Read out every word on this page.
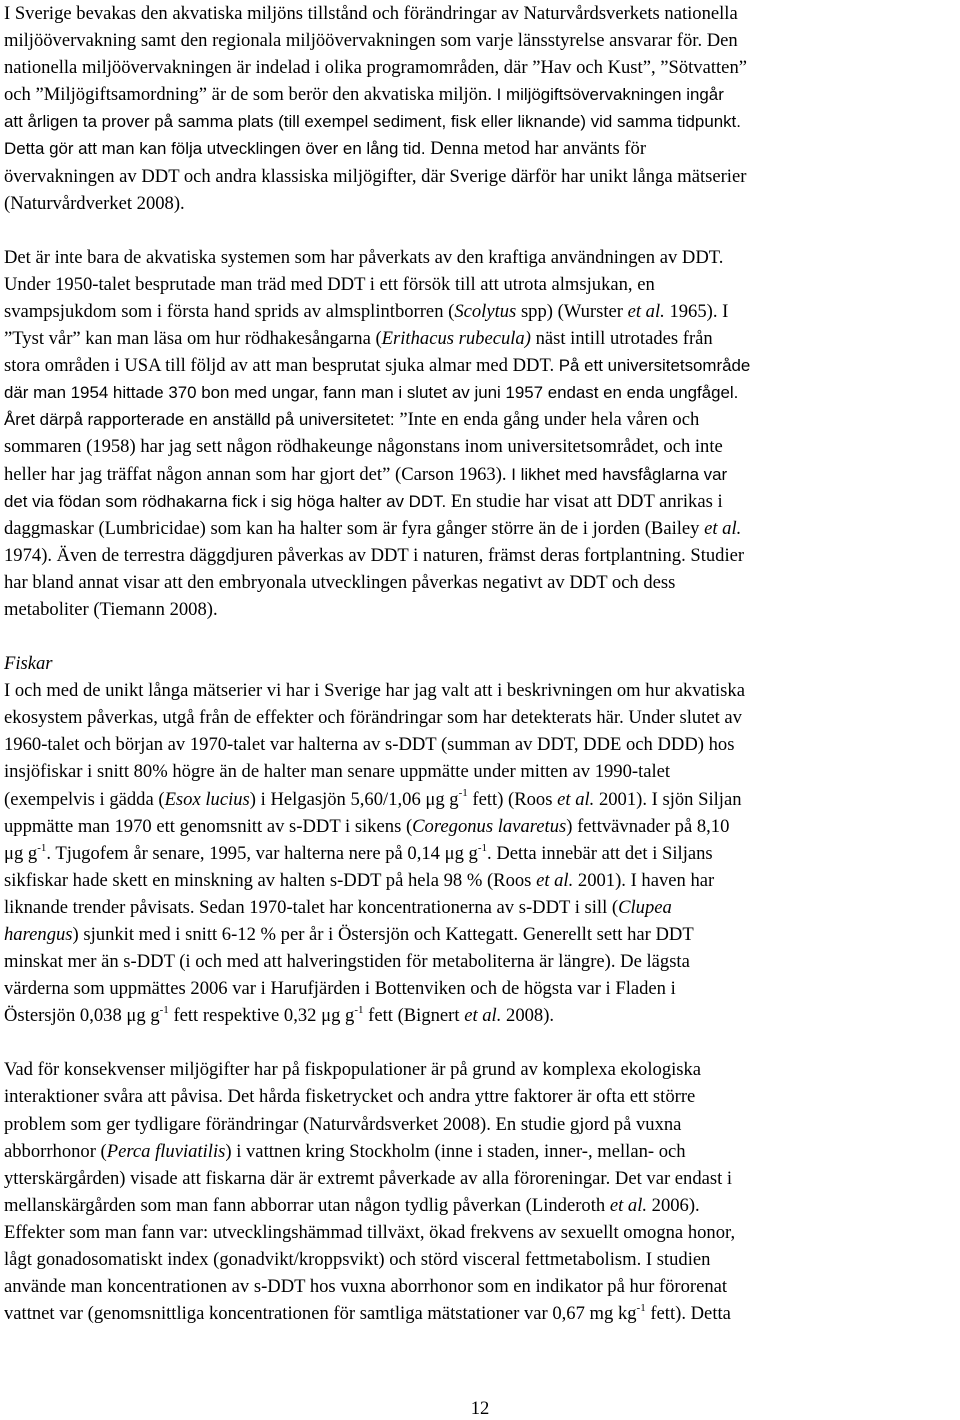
I Sverige bevakas den akvatiska miljöns tillstånd och förändringar av Naturvårdsverkets nationella
miljöövervakning samt den regionala miljöövervakningen som varje länsstyrelse ansvarar för. Den
nationella miljöövervakningen är indelad i olika programområden, där ”Hav och Kust”, ”Sötvatten”
och ”Miljögiftsamordning” är de som berör den akvatiska miljön. I miljögiftsövervakningen ingår
att årligen ta prover på samma plats (till exempel sediment, fisk eller liknande) vid samma tidpunkt.
Detta gör att man kan följa utvecklingen över en lång tid. Denna metod har använts för
övervakningen av DDT och andra klassiska miljögifter, där Sverige därför har unikt långa mätserier
(Naturvårdverket 2008).
Det är inte bara de akvatiska systemen som har påverkats av den kraftiga användningen av DDT.
Under 1950-talet besprutade man träd med DDT i ett försök till att utrota almsjukan, en
svampsjukdom som i första hand sprids av almsplintborren (Scolytus spp) (Wurster et al. 1965). I
”Tyst vår” kan man läsa om hur rödhakesångarna (Erithacus rubecula) näst intill utrotades från
stora områden i USA till följd av att man besprutat sjuka almar med DDT. På ett universitetsområde
där man 1954 hittade 370 bon med ungar, fann man i slutet av juni 1957 endast en enda ungfågel.
Året därpå rapporterade en anställd på universitetet: ”Inte en enda gång under hela våren och
sommaren (1958) har jag sett någon rödhakeunge någonstans inom universitetsområdet, och inte
heller har jag träffat någon annan som har gjort det” (Carson 1963). I likhet med havsfåglarna var
det via födan som rödhakarna fick i sig höga halter av DDT. En studie har visat att DDT anrikas i
daggmaskar (Lumbricidae) som kan ha halter som är fyra gånger större än de i jorden (Bailey et al.
1974). Även de terrestra däggdjuren påverkas av DDT i naturen, främst deras fortplantning. Studier
har bland annat visar att den embryonala utvecklingen påverkas negativt av DDT och dess
metaboliter (Tiemann 2008).
Fiskar
I och med de unikt långa mätserier vi har i Sverige har jag valt att i beskrivningen om hur akvatiska
ekosystem påverkas, utgå från de effekter och förändringar som har detekterats här. Under slutet av
1960-talet och början av 1970-talet var halterna av s-DDT (summan av DDT, DDE och DDD) hos
insjöfiskar i snitt 80% högre än de halter man senare uppmätte under mitten av 1990-talet
(exempelvis i gädda (Esox lucius) i Helgasjön 5,60/1,06 μg $g^{-1}$ fett) (Roos et al. 2001). I sjön Siljan
uppmätte man 1970 ett genomsnitt av s-DDT i sikens (Coregonus lavaretus) fettvävnader på 8,10
μg $g^{-1}$. Tjugofem år senare, 1995, var halterna nere på 0,14 μg $g^{-1}$. Detta innebär att det i Siljans
sikfiskar hade skett en minskning av halten s-DDT på hela 98 % (Roos et al. 2001). I haven har
liknande trender påvisats. Sedan 1970-talet har koncentrationerna av s-DDT i sill (Clupea
harengus) sjunkit med i snitt 6-12 % per år i Östersjön och Kattegatt. Generellt sett har DDT
minskat mer än s-DDT (i och med att halveringstiden för metaboliterna är längre). De lägsta
värderna som uppmättes 2006 var i Harufjärden i Bottenviken och de högsta var i Fladen i
Östersjön 0,038 μg $g^{-1}$ fett respektive 0,32 μg $g^{-1}$ fett (Bignert et al. 2008).
Vad för konsekvenser miljögifter har på fiskpopulationer är på grund av komplexa ekologiska
interaktioner svåra att påvisa. Det hårda fisketrycket och andra yttre faktorer är ofta ett större
problem som ger tydligare förändringar (Naturvårdsverket 2008). En studie gjord på vuxna
abborrhonor (Perca fluviatilis) i vattnen kring Stockholm (inne i staden, inner-, mellan- och
ytterskärgården) visade att fiskarna där är extremt påverkade av alla föroreningar. Det var endast i
mellanskärgården som man fann abborrar utan någon tydlig påverkan (Linderoth et al. 2006).
Effekter som man fann var: utvecklingshämmad tillväxt, ökad frekvens av sexuellt omogna honor,
lågt gonadosomatiskt index (gonadvikt/kroppsvikt) och störd visceral fettmetabolism. I studien
använde man koncentrationen av s-DDT hos vuxna aborrhonor som en indikator på hur förorenat
vattnet var (genomsnittliga koncentrationen för samtliga mätstationer var 0,67 mg $kg^{-1}$ fett). Detta
12
